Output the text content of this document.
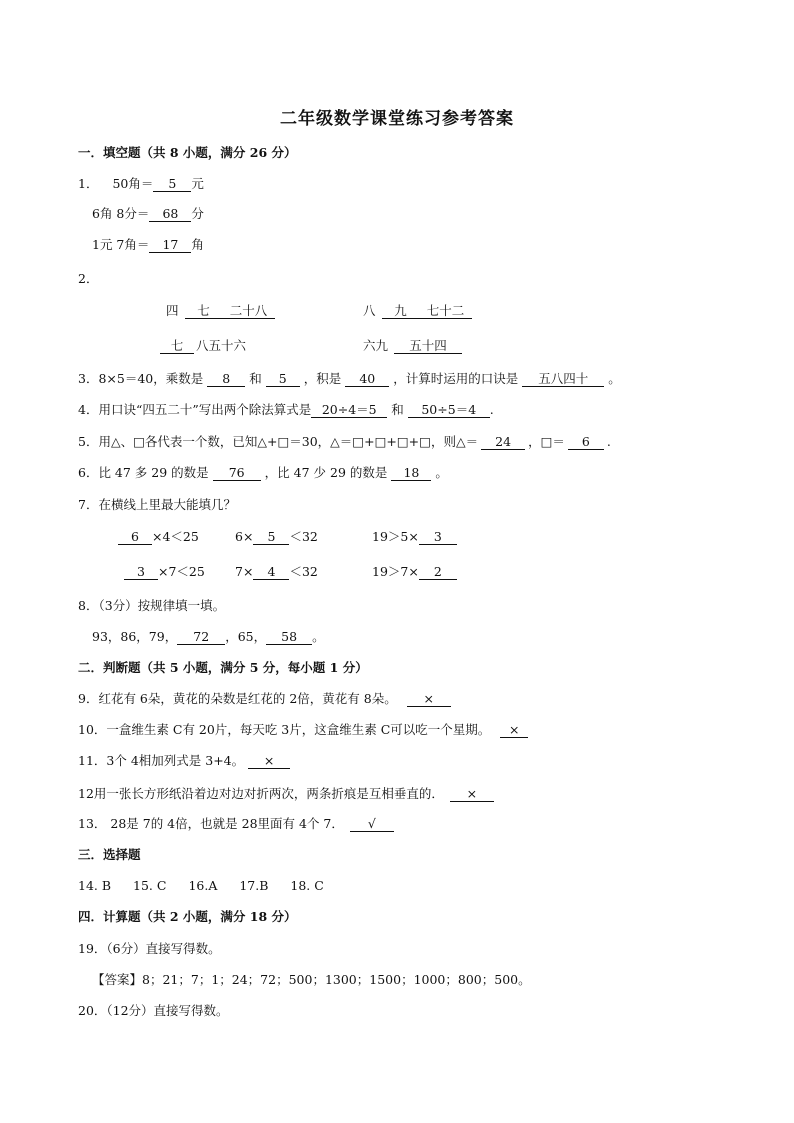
二年级数学课堂练习参考答案
一．填空题（共 8 小题，满分 26 分）
1． 50角＝ 5 元
6角 8分＝ 68 分
1元 7角＝ 17 角
2．
四 七 二十八	八 九 七十二
七 八五十六	六九 五十四
3．8×5＝40，乘数是 8 和 5 ，积是 40 ，计算时运用的口诀是 五八四十 。
4．用口诀“四五二十”写出两个除法算式是 20÷4＝5 和 50÷5＝4 .
5．用△、□各代表一个数，已知△+□＝30，△＝□+□+□+□，则△＝ 24 ，□＝ 6 .
6．比 47 多 29 的数是 76 ，比 47 少 29 的数是 18 。
7．在横线上里最大能填几？
6 ×4＜25	6× 5 ＜32	19＞5× 3
3 ×7＜25 7× 4 ＜32	19＞7× 2
8．（3分）按规律填一填。
93，86，79， 72 ，65， 58 。
二．判断题（共 5 小题，满分 5 分，每小题 1 分）
9．红花有 6朵，黄花的朵数是红花的 2倍，黄花有 8朵。 ×
10．一盒维生素 C有 20片，每天吃 3片，这盒维生素 C可以吃一个星期。 ×
11．3个 4相加列式是 3+4。 ×
12用一张长方形纸沿着边对边对折两次，两条折痕是互相垂直的． ×
13． 28是 7的 4倍，也就是 28里面有 4个 7． √
三．选择题
14. B 15. C 16.A 17.B 18. C
四．计算题（共 2 小题，满分 18 分）
19．（6分）直接写得数。
【答案】8；21；7；1；24；72；500；1300；1500；1000；800；500。
20．（12分）直接写得数。
